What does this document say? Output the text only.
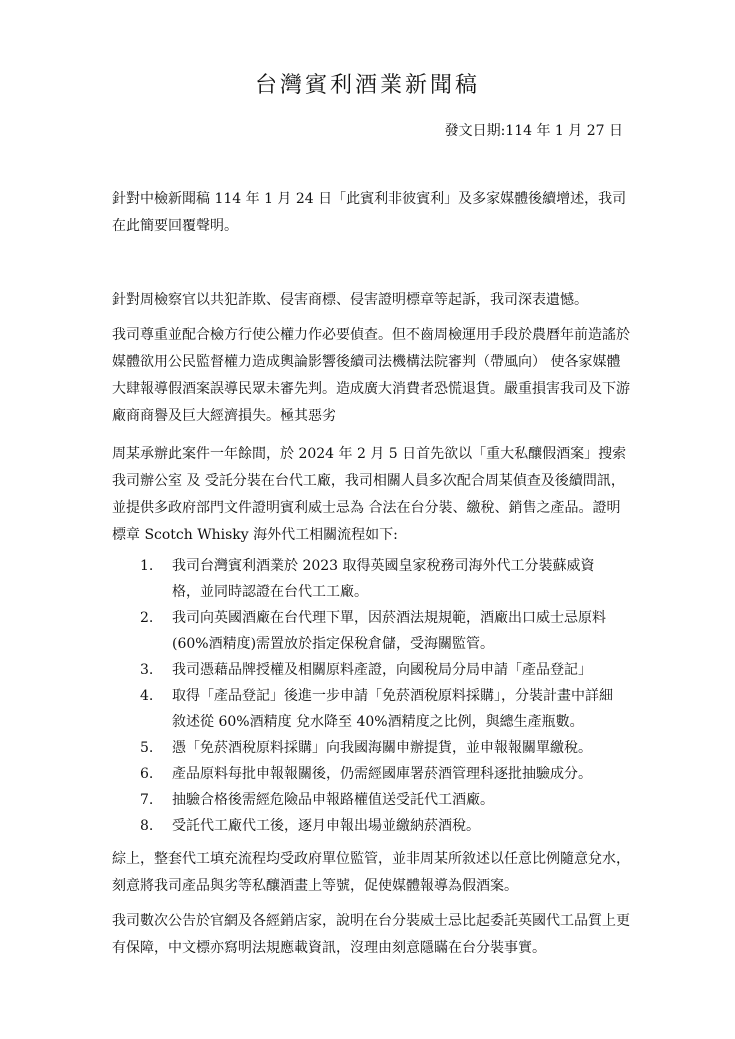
台灣賓利酒業新聞稿
發文日期:114 年 1 月 27 日

針對中檢新聞稿 114 年 1 月 24 日「此賓利非彼賓利」及多家媒體後續增述，我司在此簡要回覆聲明。

針對周檢察官以共犯詐欺、侵害商標、侵害證明標章等起訴，我司深表遺憾。

我司尊重並配合檢方行使公權力作必要偵查。但不齒周檢運用手段於農曆年前造謠於媒體欲用公民監督權力造成輿論影響後續司法機構法院審判（帶風向） 使各家媒體大肆報導假酒案誤導民眾未審先判。造成廣大消費者恐慌退貨。嚴重損害我司及下游廠商商譽及巨大經濟損失。極其惡劣

周某承辦此案件一年餘間，於 2024 年 2 月 5 日首先欲以「重大私釀假酒案」搜索 我司辦公室 及 受託分裝在台代工廠，我司相關人員多次配合周某偵查及後續問訊，並提供多政府部門文件證明賓利威士忌為 合法在台分裝、繳稅、銷售之產品。證明標章 Scotch Whisky 海外代工相關流程如下:

1.	我司台灣賓利酒業於 2023 取得英國皇家稅務司海外代工分裝蘇威資格，並同時認證在台代工工廠。
2.	我司向英國酒廠在台代理下單，因菸酒法規規範，酒廠出口威士忌原料(60%酒精度)需置放於指定保稅倉儲，受海關監管。
3.	我司憑藉品牌授權及相關原料產證，向國稅局分局申請「產品登記」
4.	取得「產品登記」後進一步申請「免菸酒稅原料採購」，分裝計畫中詳細敘述從 60%酒精度 兌水降至 40%酒精度之比例，與總生產瓶數。
5.	憑「免菸酒稅原料採購」向我國海關申辦提貨，並申報報關單繳稅。
6.	產品原料每批申報報關後，仍需經國庫署菸酒管理科逐批抽驗成分。
7.	抽驗合格後需經危險品申報路權值送受託代工酒廠。
8.	受託代工廠代工後，逐月申報出場並繳納菸酒稅。

綜上，整套代工填充流程均受政府單位監管，並非周某所敘述以任意比例隨意兌水，刻意將我司產品與劣等私釀酒畫上等號，促使媒體報導為假酒案。

我司數次公告於官網及各經銷店家，說明在台分裝威士忌比起委託英國代工品質上更有保障，中文標亦寫明法規應載資訊，沒理由刻意隱瞞在台分裝事實。
